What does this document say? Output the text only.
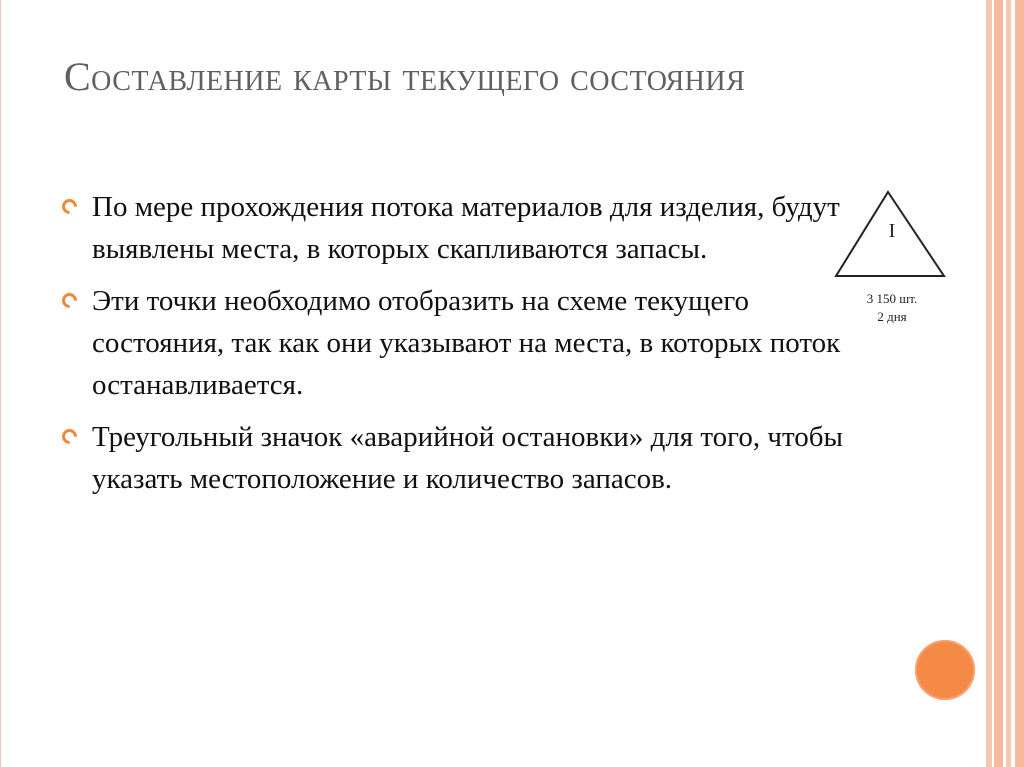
Составление карты текущего состояния
По мере прохождения потока материалов для изделия, будут выявлены места, в которых скапливаются запасы.
Эти точки необходимо отобразить на схеме текущего состояния, так как они указывают на места, в которых поток останавливается.
Треугольный значок «аварийной остановки» для того, чтобы указать местоположение и количество запасов.
I
3 150 шт.
2 дня
